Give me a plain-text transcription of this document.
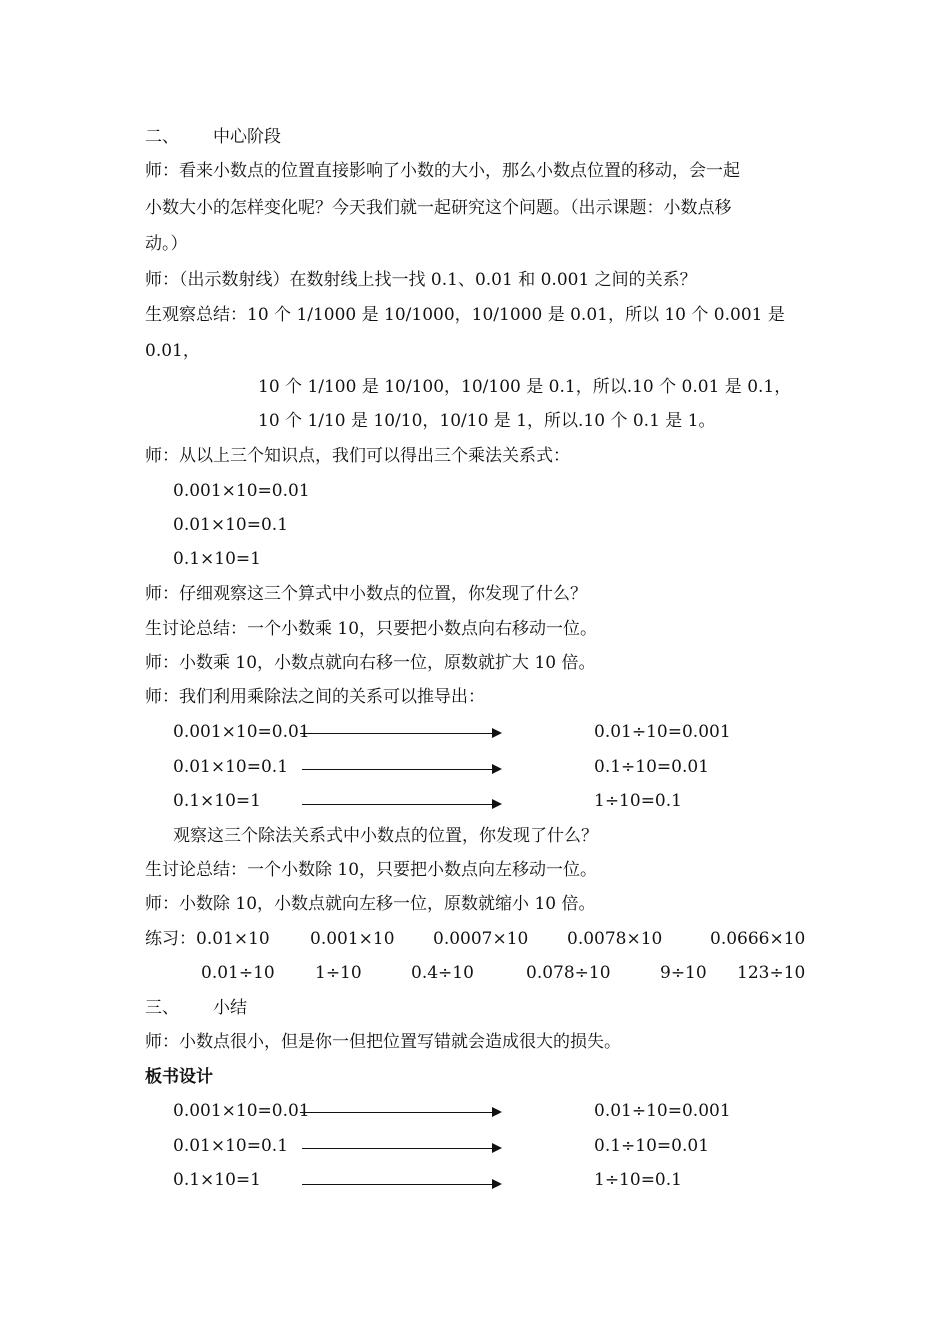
二、 中心阶段
师：看来小数点的位置直接影响了小数的大小，那么小数点位置的移动，会一起
小数大小的怎样变化呢？今天我们就一起研究这个问题。（出示课题：小数点移
动。）
师：（出示数射线）在数射线上找一找 0.1、0.01 和 0.001 之间的关系？
生观察总结：10 个 1/1000 是 10/1000，10/1000 是 0.01，所以 10 个 0.001 是
0.01，
10 个 1/100 是 10/100，10/100 是 0.1，所以.10 个 0.01 是 0.1，
10 个 1/10 是 10/10，10/10 是 1，所以.10 个 0.1 是 1。
师：从以上三个知识点，我们可以得出三个乘法关系式：
0.001×10=0.01
0.01×10=0.1
0.1×10=1
师：仔细观察这三个算式中小数点的位置，你发现了什么？
生讨论总结：一个小数乘 10，只要把小数点向右移动一位。
师：小数乘 10，小数点就向右移一位，原数就扩大 10 倍。
师：我们利用乘除法之间的关系可以推导出：
0.001×10=0.01	0.01÷10=0.001
0.01×10=0.1	0.1÷10=0.01
0.1×10=1	1÷10=0.1
观察这三个除法关系式中小数点的位置，你发现了什么？
生讨论总结：一个小数除 10，只要把小数点向左移动一位。
师：小数除 10，小数点就向左移一位，原数就缩小 10 倍。
练习： 0.01×10 0.001×10 0.0007×10 0.0078×10	0.0666×10
0.01÷10 1÷10	0.4÷10	0.078÷10	9÷10 123÷10
三、 小结
师：小数点很小，但是你一但把位置写错就会造成很大的损失。
板书设计
0.001×10=0.01	0.01÷10=0.001
0.01×10=0.1	0.1÷10=0.01
0.1×10=1	1÷10=0.1
